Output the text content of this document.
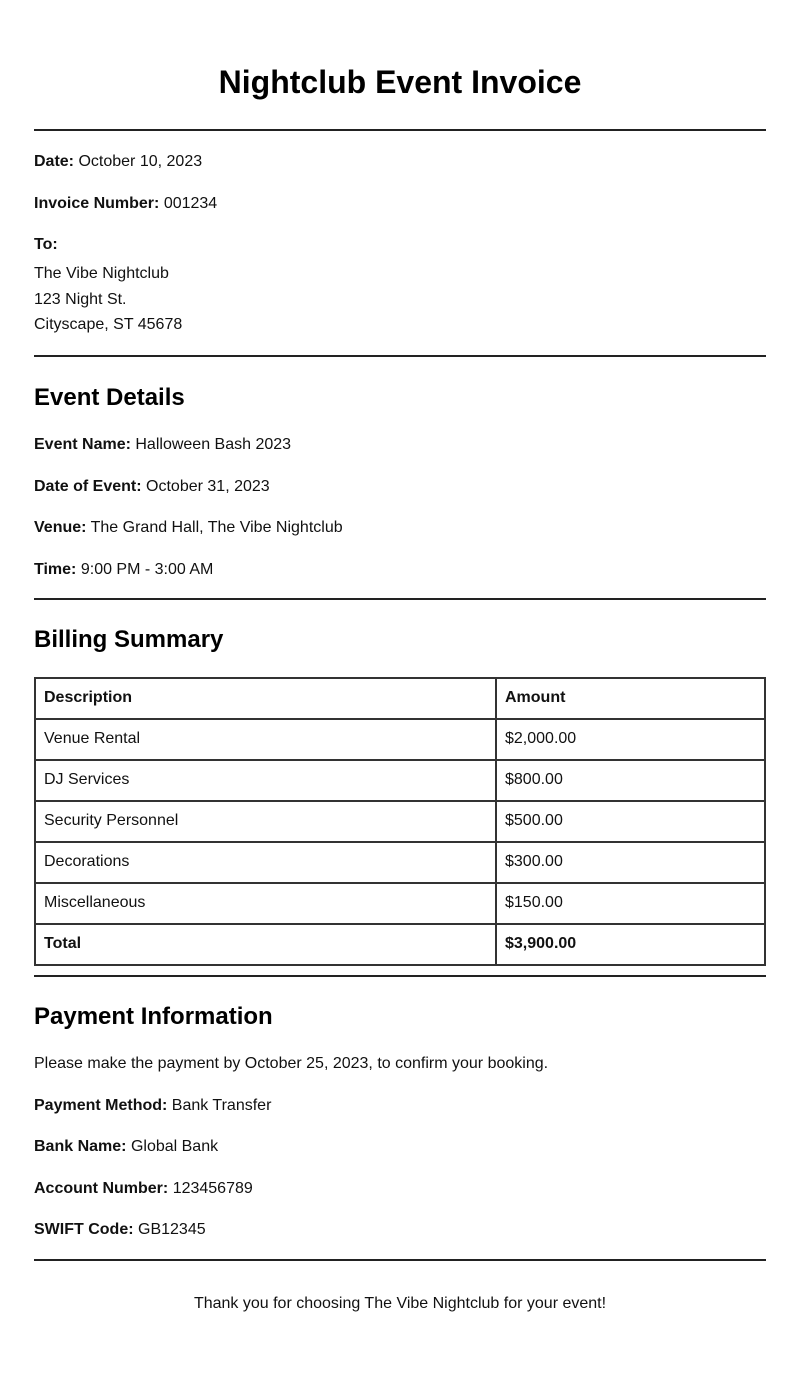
Nightclub Event Invoice

Date: October 10, 2023

Invoice Number: 001234

To:

The Vibe Nightclub
123 Night St.
Cityscape, ST 45678

Event Details

Event Name: Halloween Bash 2023

Date of Event: October 31, 2023

Venue: The Grand Hall, The Vibe Nightclub

Time: 9:00 PM - 3:00 AM

Billing Summary
Description	Amount
Venue Rental	$2,000.00
DJ Services	$800.00
Security Personnel	$500.00
Decorations	$300.00
Miscellaneous	$150.00
Total	$3,900.00
Payment Information

Please make the payment by October 25, 2023, to confirm your booking.

Payment Method: Bank Transfer

Bank Name: Global Bank

Account Number: 123456789

SWIFT Code: GB12345

Thank you for choosing The Vibe Nightclub for your event!
